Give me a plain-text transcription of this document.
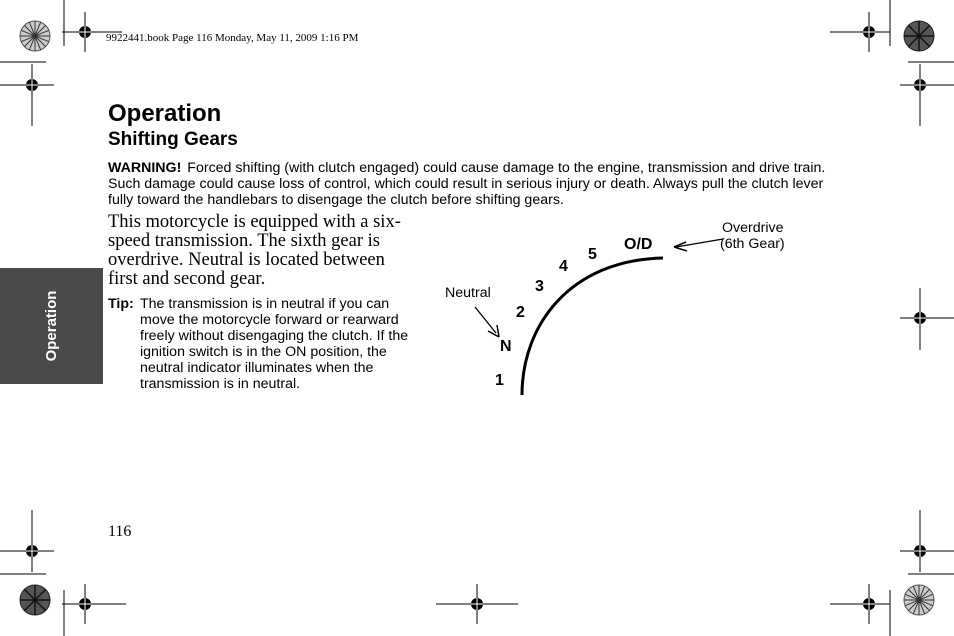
9922441.book Page 116 Monday, May 11, 2009 1:16 PM
Operation
Operation
Shifting Gears
WARNING! Forced shifting (with clutch engaged) could cause damage to the engine, transmission and drive train. Such damage could cause loss of control, which could result in serious injury or death. Always pull the clutch lever fully toward the handlebars to disengage the clutch before shifting gears.
This motorcycle is equipped with a six-speed transmission. The sixth gear is overdrive. Neutral is located between first and second gear.
Tip: The transmission is in neutral if you can move the motorcycle forward or rearward freely without disengaging the clutch. If the ignition switch is in the ON position, the neutral indicator illuminates when the transmission is in neutral.	1
N
2
3
4
5
O/D
Neutral
Overdrive
(6th Gear)
116
